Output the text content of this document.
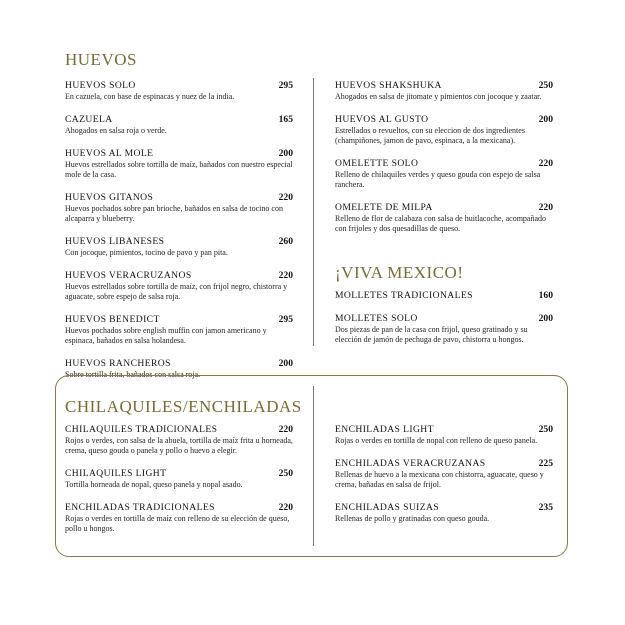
HUEVOS
HUEVOS SOLO	295
En cazuela, con base de espinacas y nuez de la india.
CAZUELA	165
Ahogados en salsa roja o verde.
HUEVOS AL MOLE	200
Huevos estrellados sobre tortilla de maíz, bañados con nuestro especial mole de la casa.
HUEVOS GITANOS	220
Huevos pochados sobre pan brioche, bañados en salsa de tocino con alcaparra y blueberry.
HUEVOS LIBANESES	260
Con jocoque, pimientos, tocino de pavo y pan pita.
HUEVOS VERACRUZANOS	220
Huevos estrellados sobre tortilla de maíz, con frijol negro, chistorra y aguacate, sobre espejo de salsa roja.
HUEVOS BENEDICT	295
Huevos pochados sobre english muffin con jamon americano y espinaca, bañados en salsa holandesa.
HUEVOS RANCHEROS	200
Sobre tortilla frita, bañados con salsa roja.
HUEVOS SHAKSHUKA	250
Ahogados en salsa de jitomate y pimientos con jocoque y zaatar.
HUEVOS AL GUSTO	200
Estrellados o revueltos, con su eleccion de dos ingredientes (champiñones, jamon de pavo, espinaca, a la mexicana).
OMELETTE SOLO	220
Relleno de chilaquiles verdes y queso gouda con espejo de salsa ranchera.
OMELETE DE MILPA	220
Relleno de flor de calabaza con salsa de huitlacoche, acompañado con frijoles y dos quesadillas de queso.
¡VIVA MEXICO!
MOLLETES TRADICIONALES	160
MOLLETES SOLO	200
Dos piezas de pan de la casa con frijol, queso gratinado y su elección de jamón de pechuga de pavo, chistorra u hongos.
CHILAQUILES/ENCHILADAS
CHILAQUILES TRADICIONALES	220
Rojos o verdes, con salsa de la abuela, tortilla de maíz frita u horneada, crema, queso gouda o panela y pollo o huevo a elegir.
CHILAQUILES LIGHT	250
Tortilla horneada de nopal, queso panela y nopal asado.
ENCHILADAS TRADICIONALES	220
Rojas o verdes en tortilla de maíz con relleno de su elección de queso, pollo u hongos.
ENCHILADAS LIGHT	250
Rojas o verdes en tortilla de nopal con relleno de queso panela.
ENCHILADAS VERACRUZANAS	225
Rellenas de huevo a la mexicana con chistorra, aguacate, queso y crema, bañadas en salsa de frijol.
ENCHILADAS SUIZAS	235
Rellenas de pollo y gratinadas con queso gouda.
